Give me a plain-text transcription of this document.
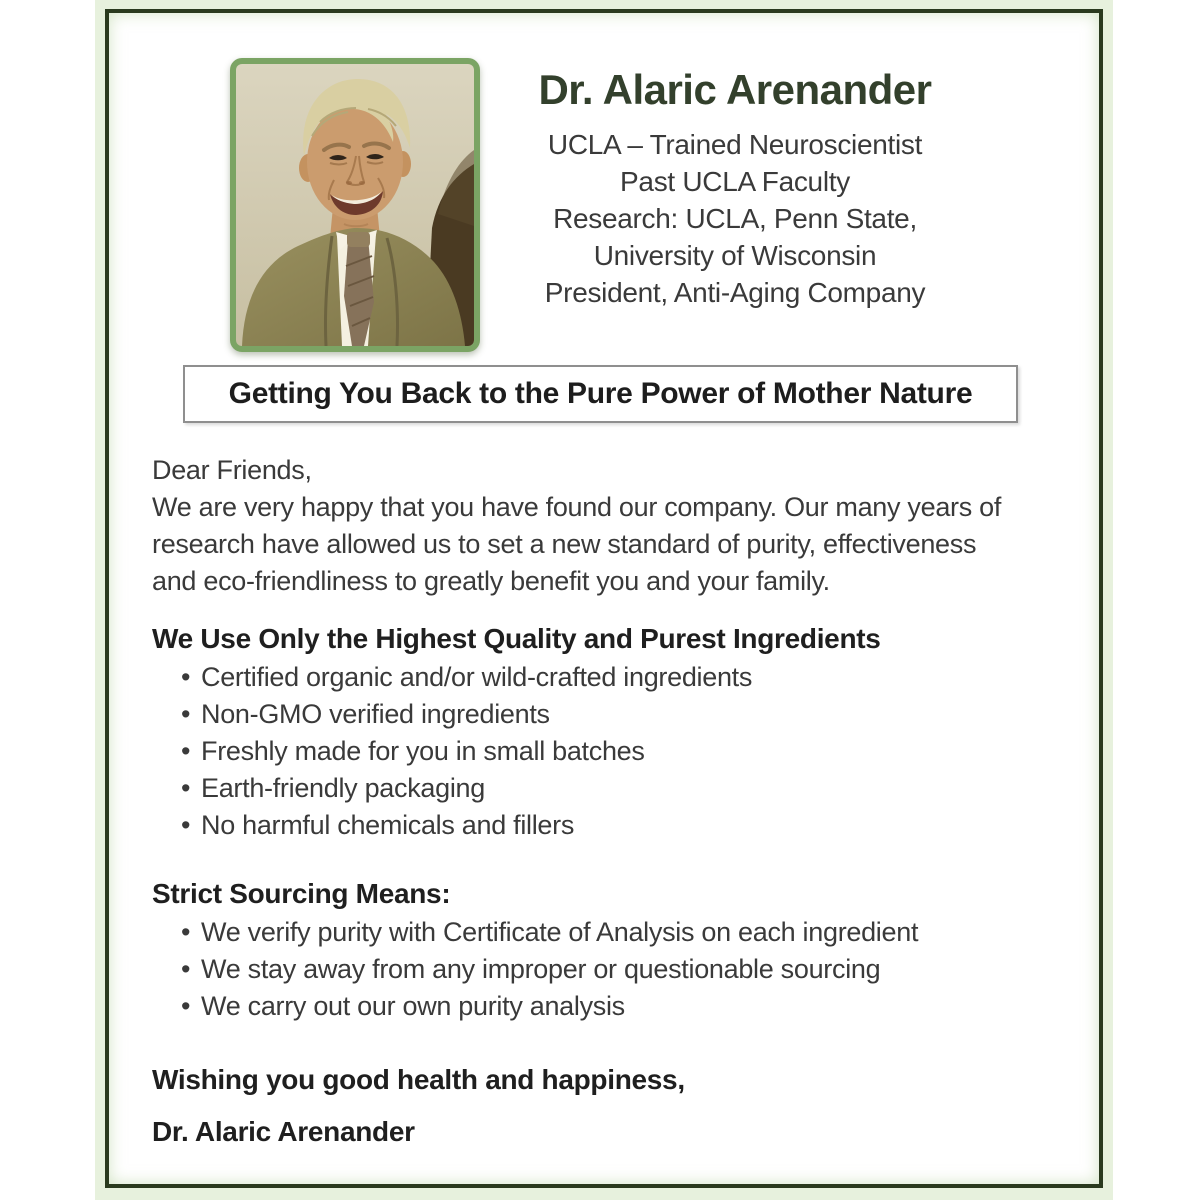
Dr. Alaric Arenander
UCLA – Trained Neuroscientist
Past UCLA Faculty
Research: UCLA, Penn State,
University of Wisconsin
President, Anti-Aging Company
Getting You Back to the Pure Power of Mother Nature
Dear Friends,
We are very happy that you have found our company. Our many years of
research have allowed us to set a new standard of purity, effectiveness
and eco-friendliness to greatly benefit you and your family.
We Use Only the Highest Quality and Purest Ingredients
• Certified organic and/or wild-crafted ingredients
• Non-GMO verified ingredients
• Freshly made for you in small batches
• Earth-friendly packaging
• No harmful chemicals and fillers
Strict Sourcing Means:
• We verify purity with Certificate of Analysis on each ingredient
• We stay away from any improper or questionable sourcing
• We carry out our own purity analysis
Wishing you good health and happiness,
Dr. Alaric Arenander
